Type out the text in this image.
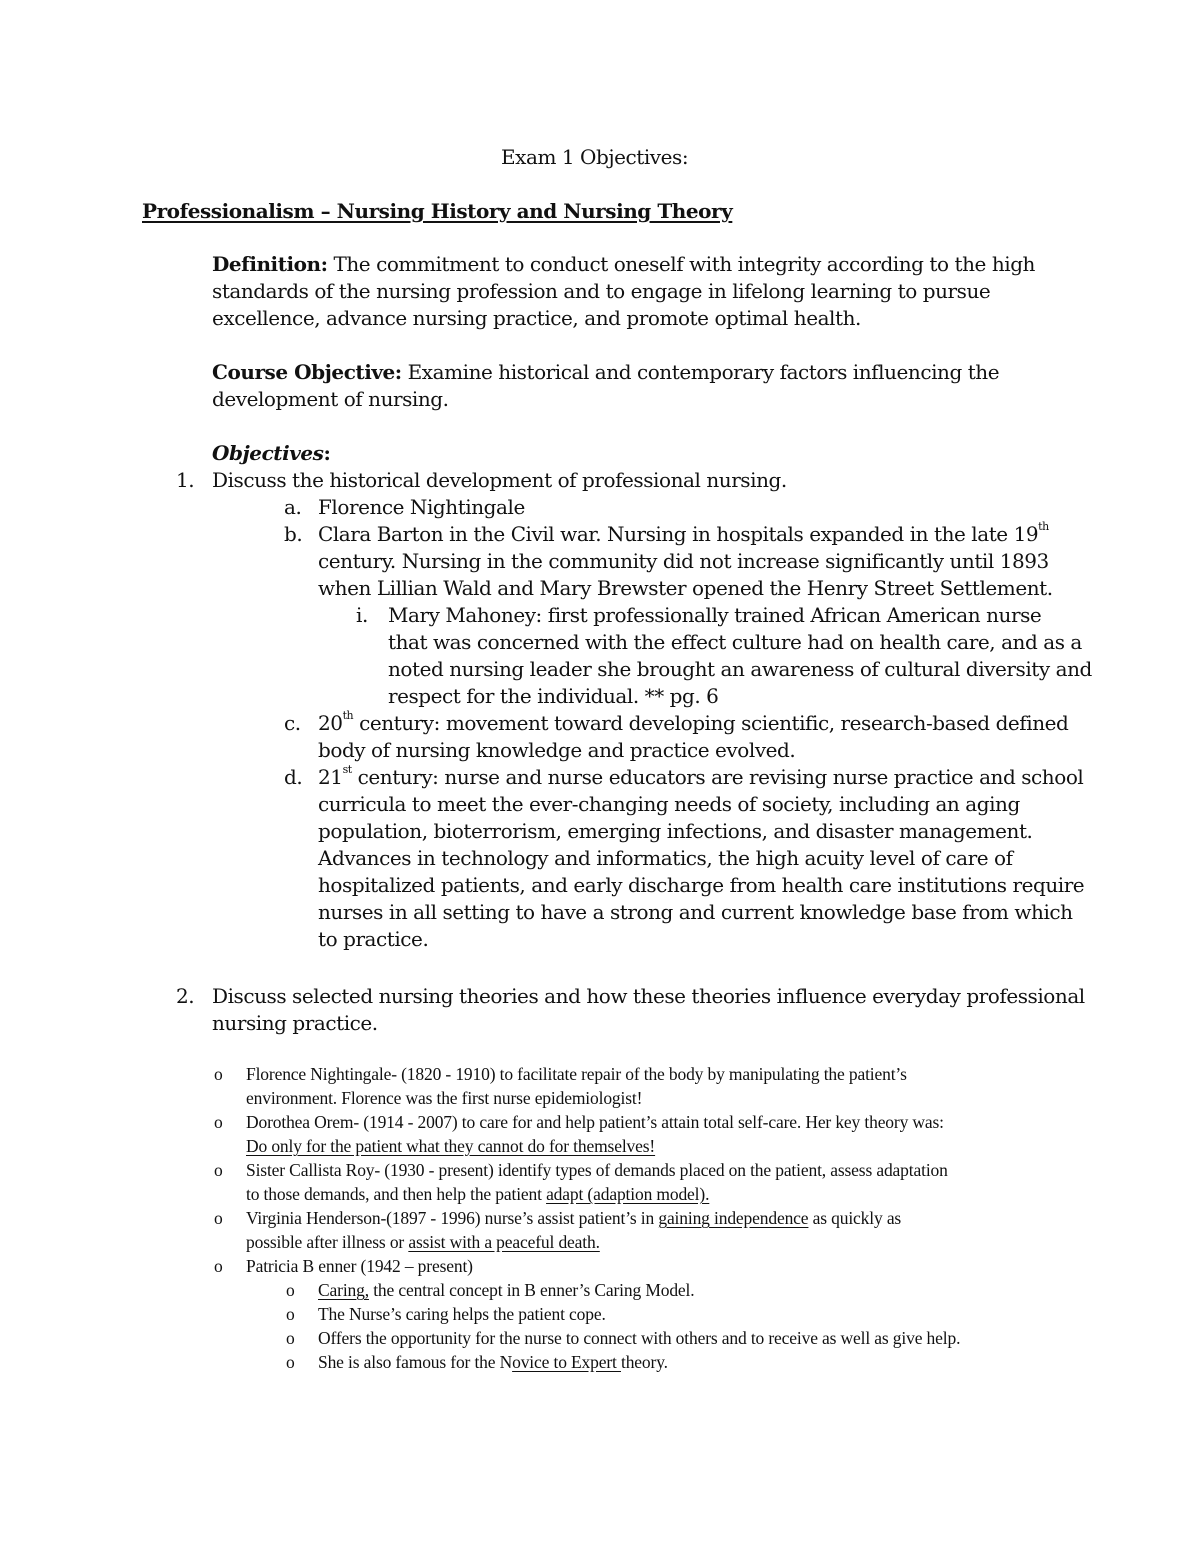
Exam 1 Objectives:
Professionalism – Nursing History and Nursing Theory
Definition: The commitment to conduct oneself with integrity according to the high
standards of the nursing profession and to engage in lifelong learning to pursue
excellence, advance nursing practice, and promote optimal health.
Course Objective: Examine historical and contemporary factors influencing the
development of nursing.
Objectives:
1. Discuss the historical development of professional nursing.
a. Florence Nightingale
b. Clara Barton in the Civil war. Nursing in hospitals expanded in the late 19th
century. Nursing in the community did not increase significantly until 1893
when Lillian Wald and Mary Brewster opened the Henry Street Settlement.
i. Mary Mahoney: first professionally trained African American nurse
that was concerned with the effect culture had on health care, and as a
noted nursing leader she brought an awareness of cultural diversity and
respect for the individual. ** pg. 6
c. 20th century: movement toward developing scientific, research-based defined
body of nursing knowledge and practice evolved.
d. 21st century: nurse and nurse educators are revising nurse practice and school
curricula to meet the ever-changing needs of society, including an aging
population, bioterrorism, emerging infections, and disaster management.
Advances in technology and informatics, the high acuity level of care of
hospitalized patients, and early discharge from health care institutions require
nurses in all setting to have a strong and current knowledge base from which
to practice.
2. Discuss selected nursing theories and how these theories influence everyday professional
nursing practice.
o Florence Nightingale- (1820 - 1910) to facilitate repair of the body by manipulating the patient’s
environment. Florence was the first nurse epidemiologist!
o Dorothea Orem- (1914 - 2007) to care for and help patient’s attain total self-care. Her key theory was:
Do only for the patient what they cannot do for themselves!
o Sister Callista Roy- (1930 - present) identify types of demands placed on the patient, assess adaptation
to those demands, and then help the patient adapt (adaption model).
o Virginia Henderson-(1897 - 1996) nurse’s assist patient’s in gaining independence as quickly as
possible after illness or assist with a peaceful death.
o Patricia B enner (1942 – present)
o Caring, the central concept in B enner’s Caring Model.
o The Nurse’s caring helps the patient cope.
o Offers the opportunity for the nurse to connect with others and to receive as well as give help.
o She is also famous for the Novice to Expert theory.
